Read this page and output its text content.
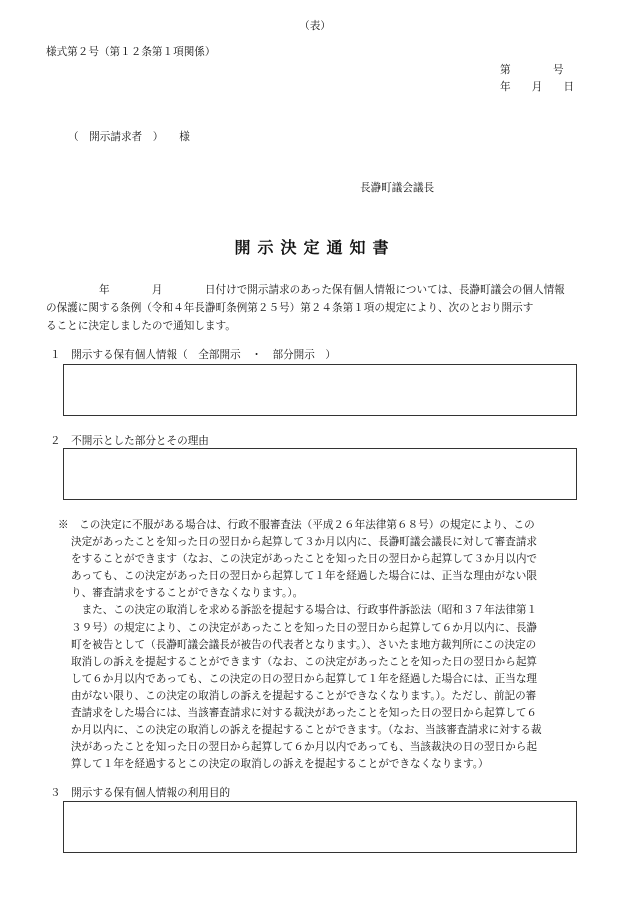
（表）
様式第２号（第１２条第１項関係）
第　　　　号
年　　月　　日
（　開示請求者　）　　様
長瀞町議会議長
開示決定通知書

　　　　　年　　　　月　　　　日付けで開示請求のあった保有個人情報については、長瀞町議会の個人情報

の保護に関する条例（令和４年長瀞町条例第２５号）第２４条第１項の規定により、次のとおり開示す

ることに決定しましたので通知します。

１　開示する保有個人情報（　全部開示　・　部分開示　）
２　不開示とした部分とその理由

※　この決定に不服がある場合は、行政不服審査法（平成２６年法律第６８号）の規定により、この

決定があったことを知った日の翌日から起算して３か月以内に、長瀞町議会議長に対して審査請求

をすることができます（なお、この決定があったことを知った日の翌日から起算して３か月以内で

あっても、この決定があった日の翌日から起算して１年を経過した場合には、正当な理由がない限

り、審査請求をすることができなくなります。）。

　また、この決定の取消しを求める訴訟を提起する場合は、行政事件訴訟法（昭和３７年法律第１

３９号）の規定により、この決定があったことを知った日の翌日から起算して６か月以内に、長瀞

町を被告として（長瀞町議会議長が被告の代表者となります。）、さいたま地方裁判所にこの決定の

取消しの訴えを提起することができます（なお、この決定があったことを知った日の翌日から起算

して６か月以内であっても、この決定の日の翌日から起算して１年を経過した場合には、正当な理

由がない限り、この決定の取消しの訴えを提起することができなくなります。）。ただし、前記の審

査請求をした場合には、当該審査請求に対する裁決があったことを知った日の翌日から起算して６

か月以内に、この決定の取消しの訴えを提起することができます。（なお、当該審査請求に対する裁

決があったことを知った日の翌日から起算して６か月以内であっても、当該裁決の日の翌日から起

算して１年を経過するとこの決定の取消しの訴えを提起することができなくなります。）

３　開示する保有個人情報の利用目的
